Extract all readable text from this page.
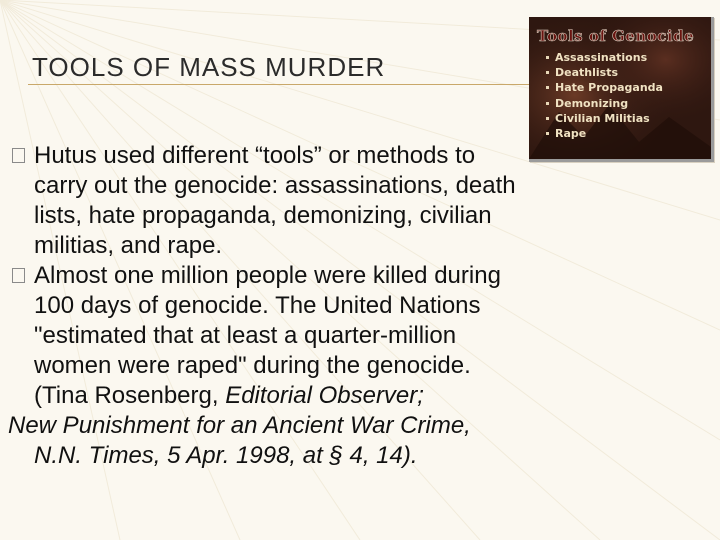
TOOLS OF MASS MURDER

Tools of Genocide

Assassinations
Deathlists
Hate Propaganda
Demonizing
Civilian Militias
Rape

Hutus used different “tools” or methods to carry out the genocide: assassinations, death lists, hate propaganda, demonizing, civilian militias, and rape.

Almost one million people were killed during 100 days of genocide. The United Nations "estimated that at least a quarter-million women were raped" during the genocide. (Tina Rosenberg, Editorial Observer;

New Punishment for an Ancient War Crime, N.N. Times, 5 Apr. 1998, at § 4, 14).
